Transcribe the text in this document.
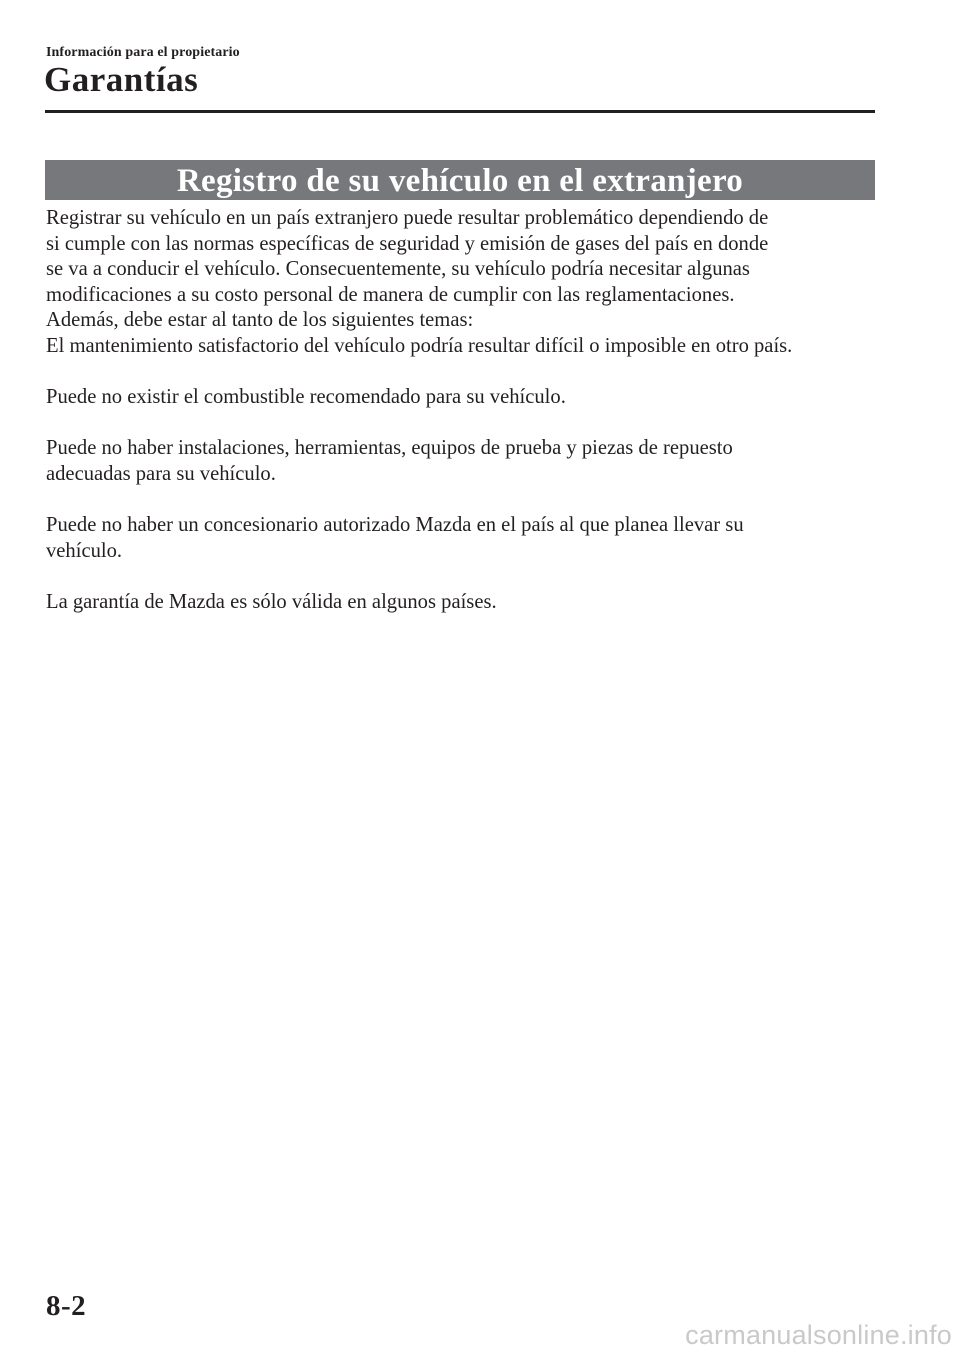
Información para el propietario
Garantías
Registro de su vehículo en el extranjero
Registrar su vehículo en un país extranjero puede resultar problemático dependiendo de
si cumple con las normas específicas de seguridad y emisión de gases del país en donde
se va a conducir el vehículo. Consecuentemente, su vehículo podría necesitar algunas
modificaciones a su costo personal de manera de cumplir con las reglamentaciones.
Además, debe estar al tanto de los siguientes temas:
El mantenimiento satisfactorio del vehículo podría resultar difícil o imposible en otro país.

Puede no existir el combustible recomendado para su vehículo.

Puede no haber instalaciones, herramientas, equipos de prueba y piezas de repuesto
adecuadas para su vehículo.

Puede no haber un concesionario autorizado Mazda en el país al que planea llevar su
vehículo.

La garantía de Mazda es sólo válida en algunos países.

8-2
carmanualsonline.info
